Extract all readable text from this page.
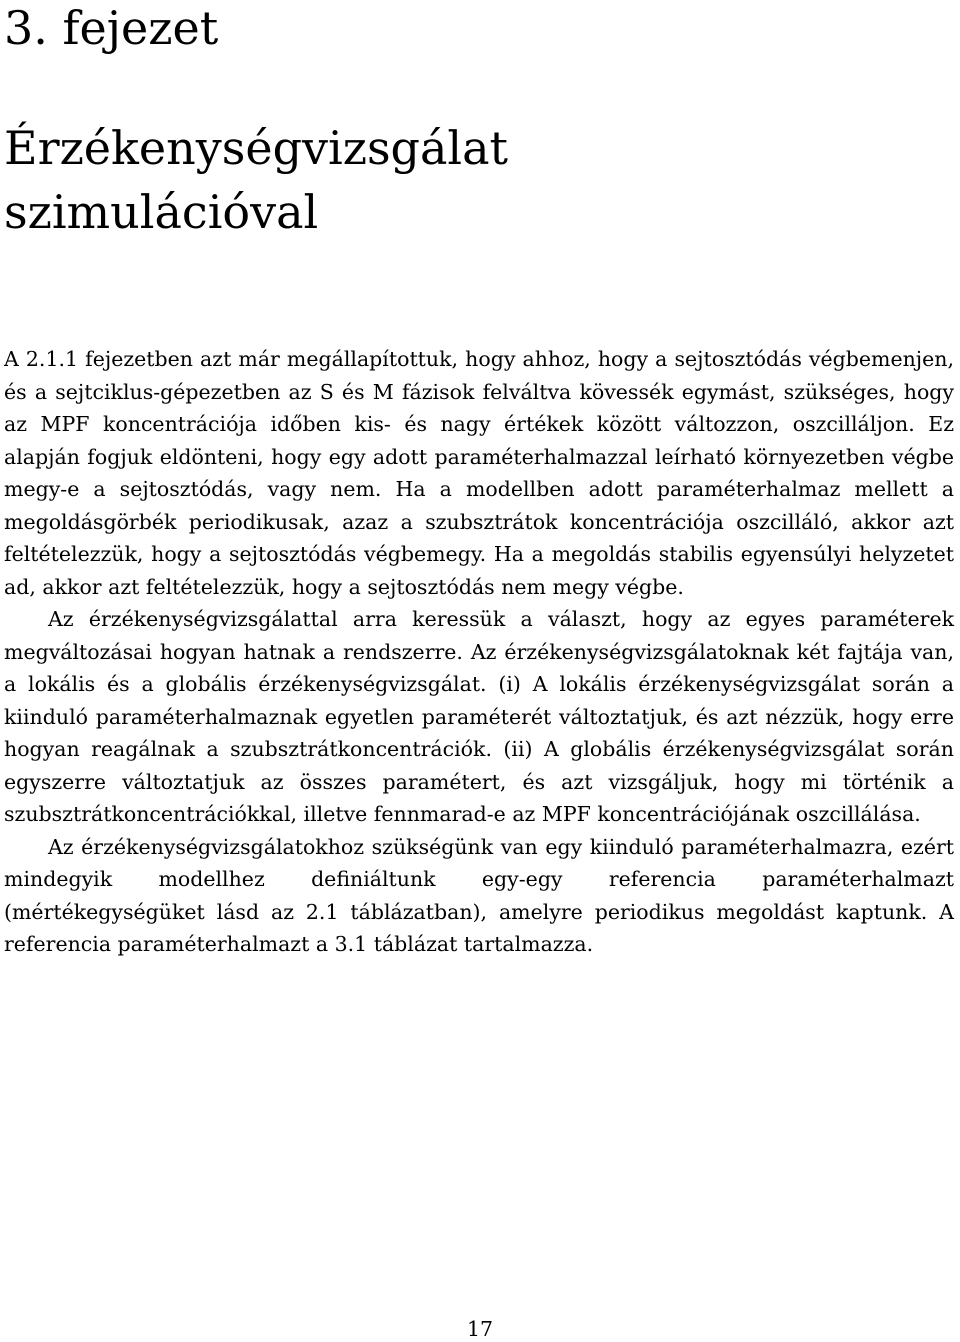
3. fejezet
Érzékenységvizsgálat
szimulációval

A 2.1.1 fejezetben azt már megállapítottuk, hogy ahhoz, hogy a sejtosztódás végbemenjen, és a sejtciklus-gépezetben az S és M fázisok felváltva kövessék egymást, szükséges, hogy az MPF koncentrációja időben kis- és nagy értékek között változzon, oszcilláljon. Ez alapján fogjuk eldönteni, hogy egy adott paraméterhalmazzal leírható környezetben végbe megy-e a sejtosztódás, vagy nem. Ha a modellben adott paraméterhalmaz mellett a megoldásgörbék periodikusak, azaz a szubsztrátok koncentrációja oszcilláló, akkor azt feltételezzük, hogy a sejtosztódás végbemegy. Ha a megoldás stabilis egyensúlyi helyzetet ad, akkor azt feltételezzük, hogy a sejtosztódás nem megy végbe.

Az érzékenységvizsgálattal arra keressük a választ, hogy az egyes paraméterek megváltozásai hogyan hatnak a rendszerre. Az érzékenységvizsgálatoknak két fajtája van, a lokális és a globális érzékenységvizsgálat. (i) A lokális érzékenységvizsgálat során a kiinduló paraméterhalmaznak egyetlen paraméterét változtatjuk, és azt nézzük, hogy erre hogyan reagálnak a szubsztrátkoncentrációk. (ii) A globális érzékenységvizsgálat során egyszerre változtatjuk az összes paramétert, és azt vizsgáljuk, hogy mi történik a szubsztrátkoncentrációkkal, illetve fennmarad-e az MPF koncentrációjának oszcillálása.

Az érzékenységvizsgálatokhoz szükségünk van egy kiinduló paraméterhalmazra, ezért mindegyik modellhez definiáltunk egy-egy referencia paraméterhalmazt (mértékegységüket lásd az 2.1 táblázatban), amelyre periodikus megoldást kaptunk. A referencia paraméterhalmazt a 3.1 táblázat tartalmazza.

17
